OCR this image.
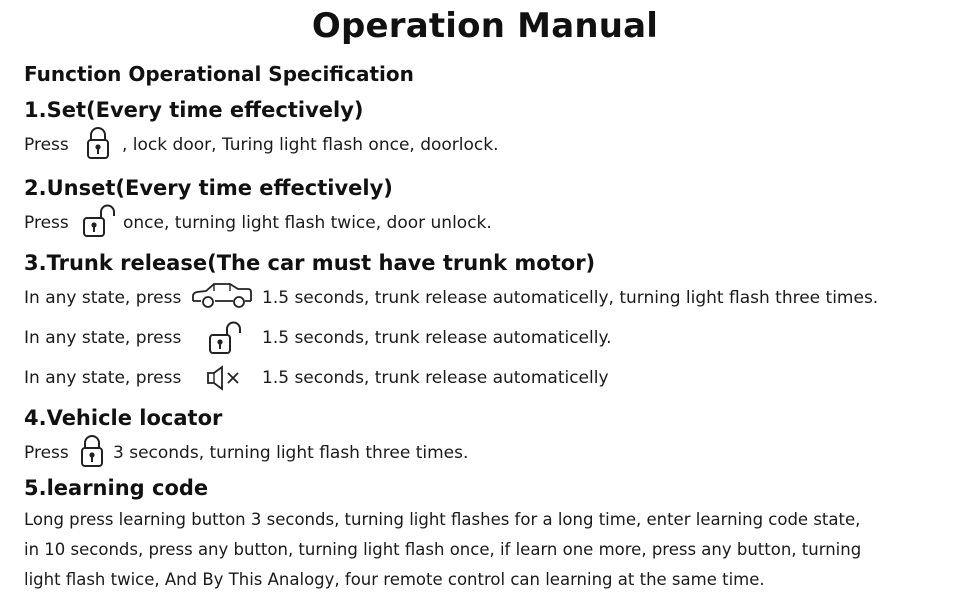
Operation Manual
Function Operational Specification
1.Set(Every time effectively)
Press	, lock door, Turing light flash once, doorlock.
2.Unset(Every time effectively)
Press	once, turning light flash twice, door unlock.
3.Trunk release(The car must have trunk motor)
In any state, press	1.5 seconds, trunk release automaticelly, turning light flash three times.
In any state, press	1.5 seconds, trunk release automaticelly.
In any state, press	1.5 seconds, trunk release automaticelly
4.Vehicle locator
Press	3 seconds, turning light flash three times.
5.learning code
Long press learning button 3 seconds, turning light flashes for a long time, enter learning code state,
in 10 seconds, press any button, turning light flash once, if learn one more, press any button, turning
light flash twice, And By This Analogy, four remote control can learning at the same time.
